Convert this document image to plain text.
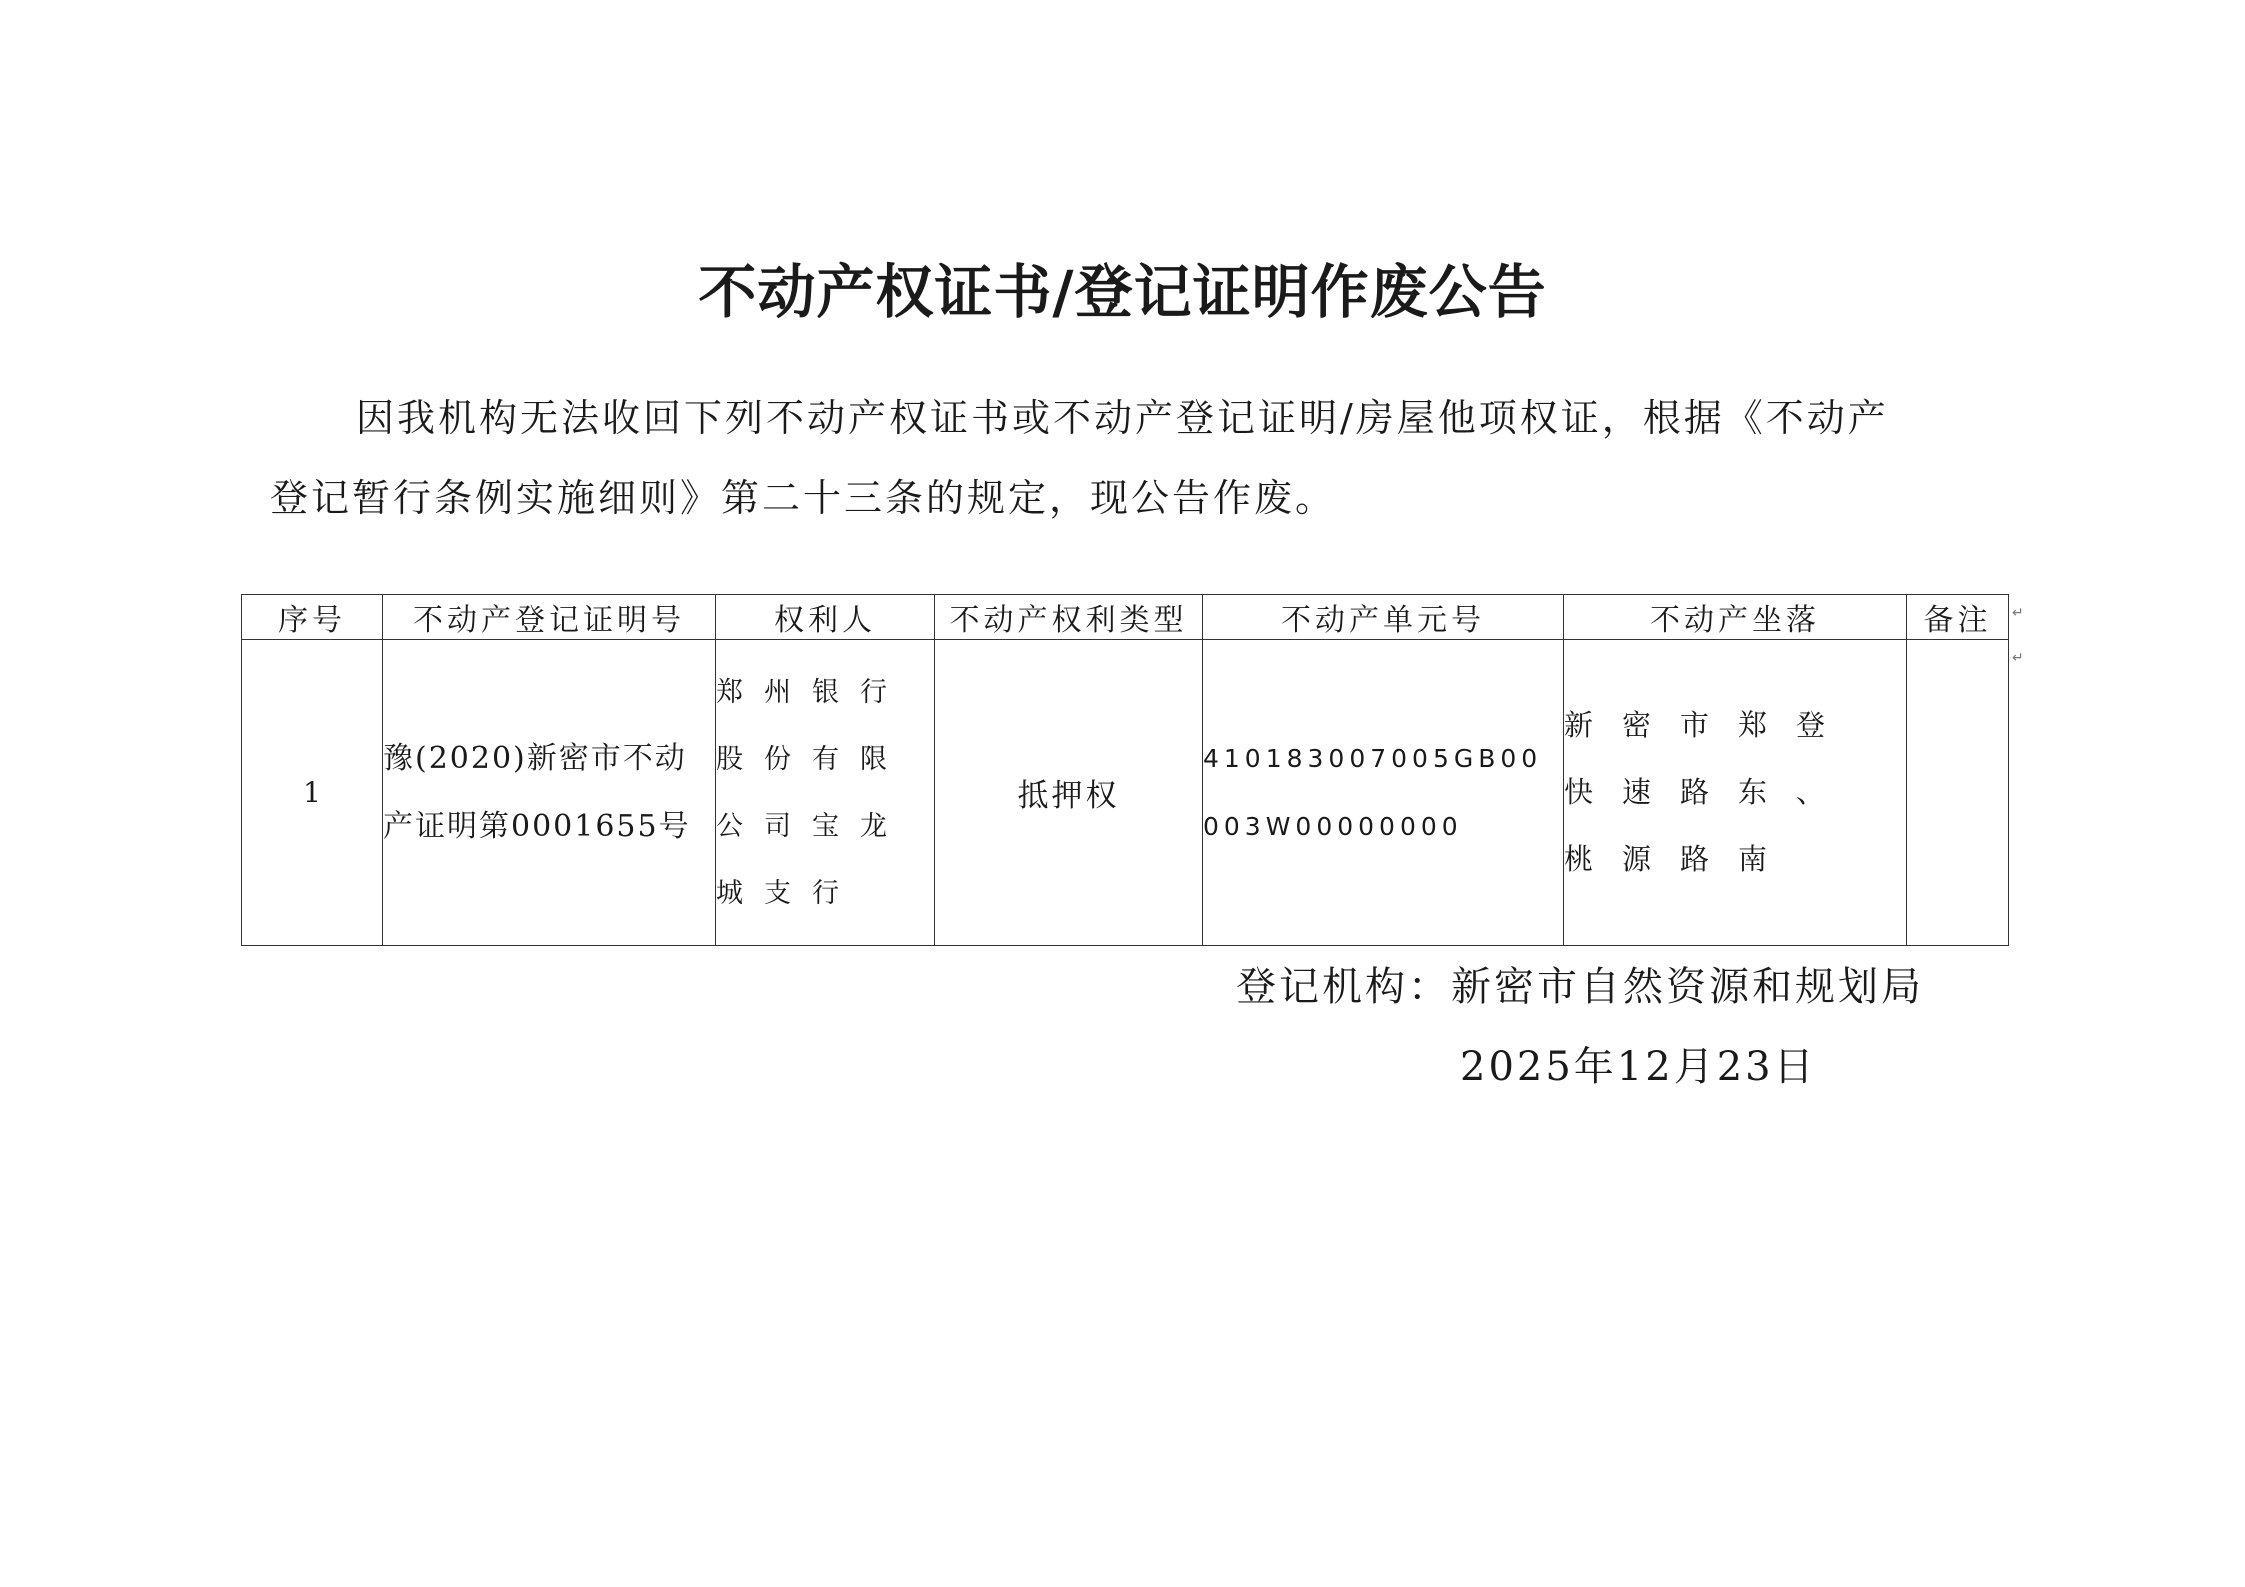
不动产权证书/登记证明作废公告
因我机构无法收回下列不动产权证书或不动产登记证明/房屋他项权证，根据《不动产
登记暂行条例实施细则》第二十三条的规定，现公告作废。
序号	不动产登记证明号	权利人	不动产权利类型	不动产单元号	不动产坐落	备注
1	豫(2020)新密市不动产证明第0001655号	郑州银行股份有限公司宝龙城支行	抵押权	410183007005GB00003W00000000	新密市郑登快速路东、桃源路南	
↵
↵
登记机构：新密市自然资源和规划局
2025年12月23日
